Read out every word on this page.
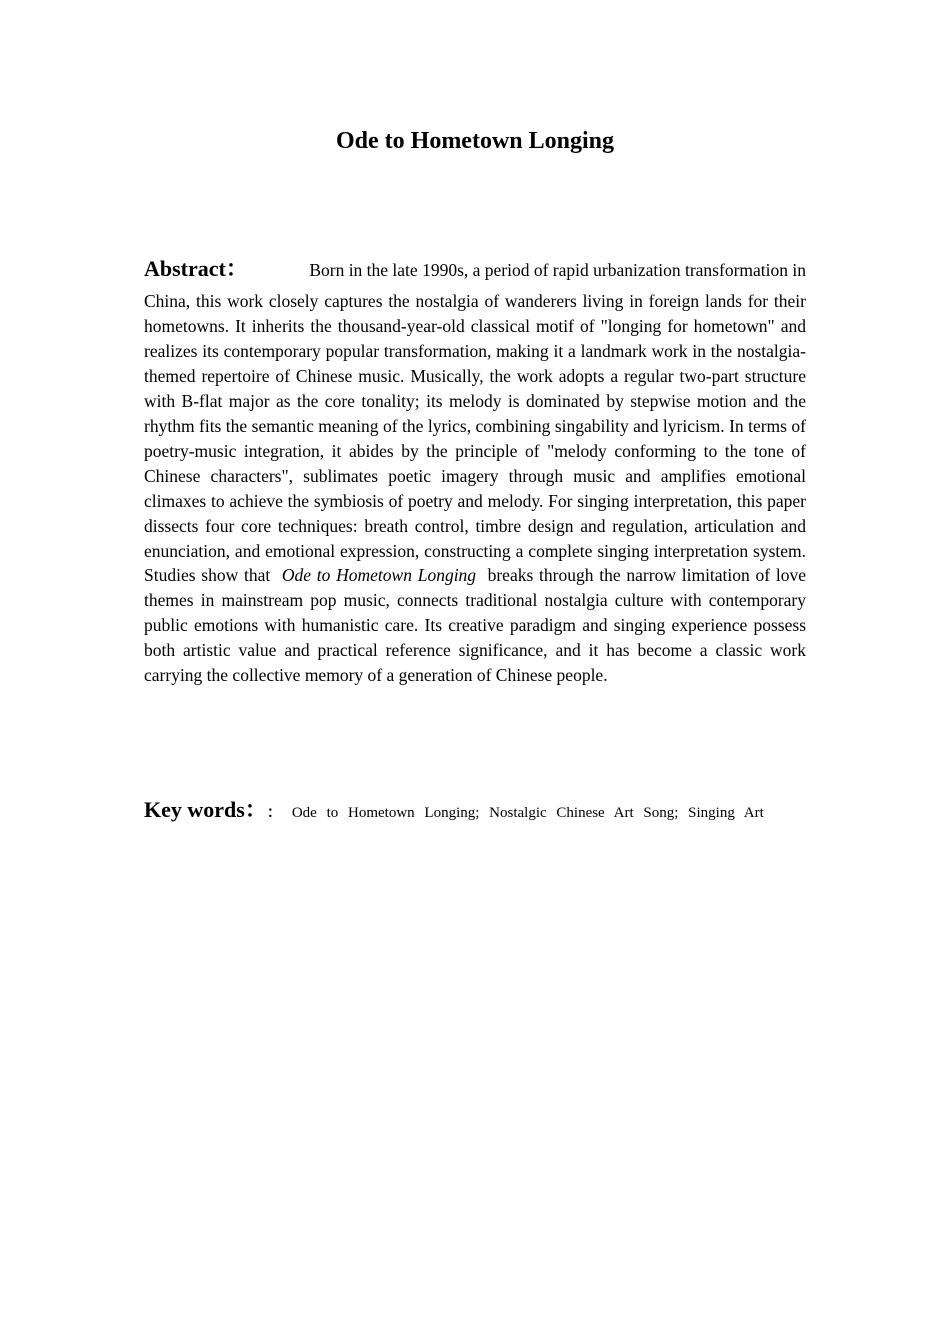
Ode to Hometown Longing
Abstract：	Born in the late 1990s, a period of rapid urbanization transformation in
China, this work closely captures the nostalgia of wanderers living in foreign lands for their hometowns. It inherits the thousand-year-old classical motif of "longing for hometown" and realizes its contemporary popular transformation, making it a landmark work in the nostalgia-themed repertoire of Chinese music. Musically, the work adopts a regular two-part structure with B-flat major as the core tonality; its melody is dominated by stepwise motion and the rhythm fits the semantic meaning of the lyrics, combining singability and lyricism. In terms of poetry-music integration, it abides by the principle of "melody conforming to the tone of Chinese characters", sublimates poetic imagery through music and amplifies emotional climaxes to achieve the symbiosis of poetry and melody. For singing interpretation, this paper dissects four core techniques: breath control, timbre design and regulation, articulation and enunciation, and emotional expression, constructing a complete singing interpretation system. Studies show that Ode to Hometown Longing breaks through the narrow limitation of love themes in mainstream pop music, connects traditional nostalgia culture with contemporary public emotions with humanistic care. Its creative paradigm and singing experience possess both artistic value and practical reference significance, and it has become a classic work carrying the collective memory of a generation of Chinese people.
Key words： ： Ode to Hometown Longing; Nostalgic Chinese Art Song; Singing Art
